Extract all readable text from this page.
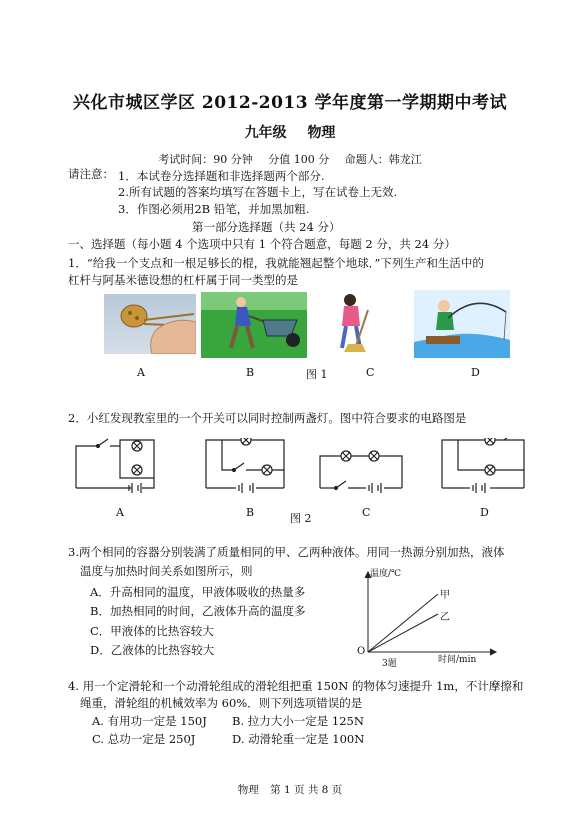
兴化市城区学区 2012-2013 学年度第一学期期中考试
九年级 物理
考试时间：90 分钟 分值 100 分 命题人：韩龙江
请注意： 1．本试卷分选择题和非选择题两个部分.
2.所有试题的答案均填写在答题卡上，写在试卷上无效.
3．作图必须用2B 铅笔，并加黑加粗.
第一部分选择题（共 24 分）
一、选择题（每小题 4 个选项中只有 1 个符合题意，每题 2 分，共 24 分）
1．“给我一个支点和一根足够长的棍，我就能翘起整个地球．”下列生产和生活中的
杠杆与阿基米德设想的杠杆属于同一类型的是
A	B	图 1	C	D
2．小红发现教室里的一个开关可以同时控制两盏灯。图中符合要求的电路图是
A	B	图 2	C	D
3.两个相同的容器分别装满了质量相同的甲、乙两种液体。用同一热源分别加热，液体
温度与加热时间关系如图所示，则
A．升高相同的温度，甲液体吸收的热量多
B．加热相同的时间，乙液体升高的温度多
C．甲液体的比热容较大
D．乙液体的比热容较大
温度/℃
时间/min
O
甲
乙
3题
4. 用一个定滑轮和一个动滑轮组成的滑轮组把重 150N 的物体匀速提升 1m，不计摩擦和
绳重，滑轮组的机械效率为 60%．则下列选项错误的是
A. 有用功一定是 150J B. 拉力大小一定是 125N
C. 总功一定是 250J	D. 动滑轮重一定是 100N
物理 第 1 页 共 8 页
